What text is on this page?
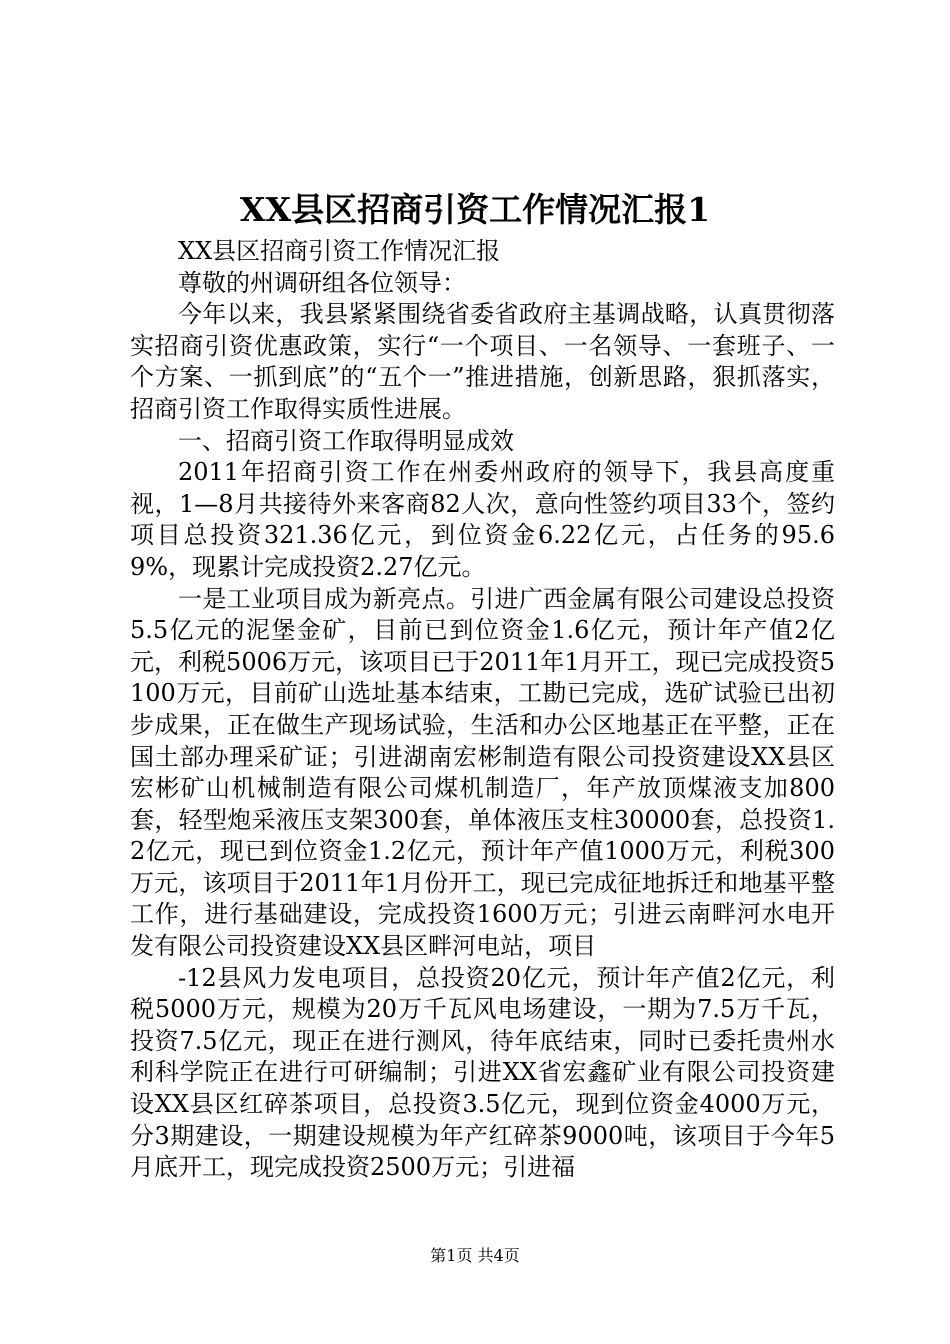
XX县区招商引资工作情况汇报1

XX县区招商引资工作情况汇报

尊敬的州调研组各位领导：

今年以来，我县紧紧围绕省委省政府主基调战略，认真贯彻落实招商引资优惠政策，实行“一个项目、一名领导、一套班子、一个方案、一抓到底”的“五个一”推进措施，创新思路，狠抓落实，招商引资工作取得实质性进展。

一、招商引资工作取得明显成效

2011年招商引资工作在州委州政府的领导下，我县高度重视，1—8月共接待外来客商82人次，意向性签约项目33个，签约项目总投资321.36亿元，到位资金6.22亿元，占任务的95.69%，现累计完成投资2.27亿元。

一是工业项目成为新亮点。引进广西金属有限公司建设总投资5.5亿元的泥堡金矿，目前已到位资金1.6亿元，预计年产值2亿元，利税5006万元，该项目已于2011年1月开工，现已完成投资5100万元，目前矿山选址基本结束，工勘已完成，选矿试验已出初步成果，正在做生产现场试验，生活和办公区地基正在平整，正在国土部办理采矿证；引进湖南宏彬制造有限公司投资建设XX县区宏彬矿山机械制造有限公司煤机制造厂，年产放顶煤液支加800套，轻型炮采液压支架300套，单体液压支柱30000套，总投资1.2亿元，现已到位资金1.2亿元，预计年产值1000万元，利税300万元，该项目于2011年1月份开工，现已完成征地拆迁和地基平整工作，进行基础建设，完成投资1600万元；引进云南畔河水电开发有限公司投资建设XX县区畔河电站，项目

-12县风力发电项目，总投资20亿元，预计年产值2亿元，利税5000万元，规模为20万千瓦风电场建设，一期为7.5万千瓦，投资7.5亿元，现正在进行测风，待年底结束，同时已委托贵州水利科学院正在进行可研编制；引进XX省宏鑫矿业有限公司投资建设XX县区红碎茶项目，总投资3.5亿元，现到位资金4000万元，分3期建设，一期建设规模为年产红碎茶9000吨，该项目于今年5月底开工，现完成投资2500万元；引进福

第1页 共4页
